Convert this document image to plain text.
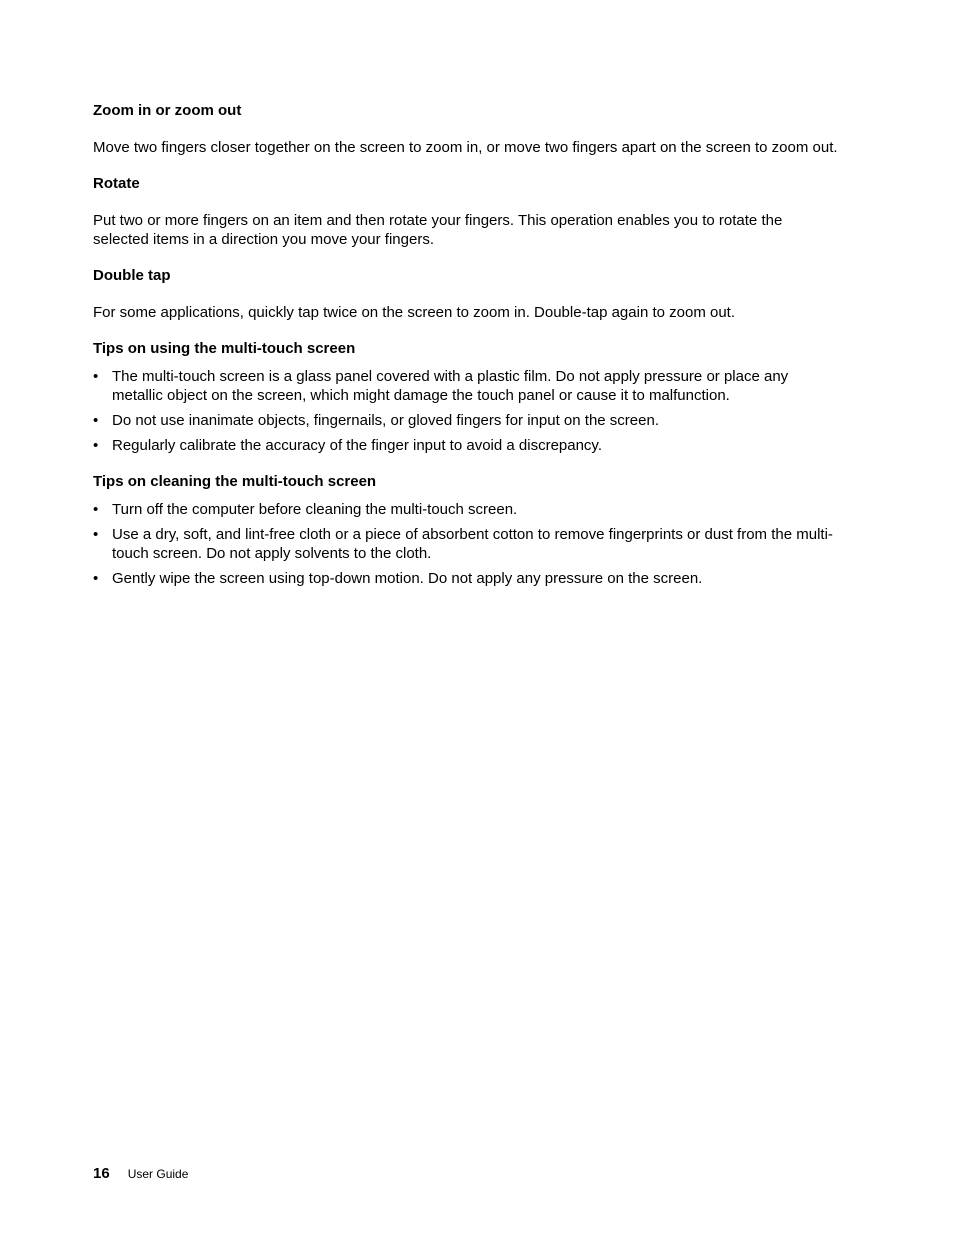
Zoom in or zoom out

Move two fingers closer together on the screen to zoom in, or move two fingers apart on the screen to zoom out.

Rotate

Put two or more fingers on an item and then rotate your fingers. This operation enables you to rotate the selected items in a direction you move your fingers.

Double tap

For some applications, quickly tap twice on the screen to zoom in. Double-tap again to zoom out.

Tips on using the multi-touch screen
• The multi-touch screen is a glass panel covered with a plastic film. Do not apply pressure or place any metallic object on the screen, which might damage the touch panel or cause it to malfunction.
• Do not use inanimate objects, fingernails, or gloved fingers for input on the screen.
• Regularly calibrate the accuracy of the finger input to avoid a discrepancy.
Tips on cleaning the multi-touch screen
• Turn off the computer before cleaning the multi-touch screen.
• Use a dry, soft, and lint-free cloth or a piece of absorbent cotton to remove fingerprints or dust from the multi-touch screen. Do not apply solvents to the cloth.
• Gently wipe the screen using top-down motion. Do not apply any pressure on the screen.
16 User Guide
